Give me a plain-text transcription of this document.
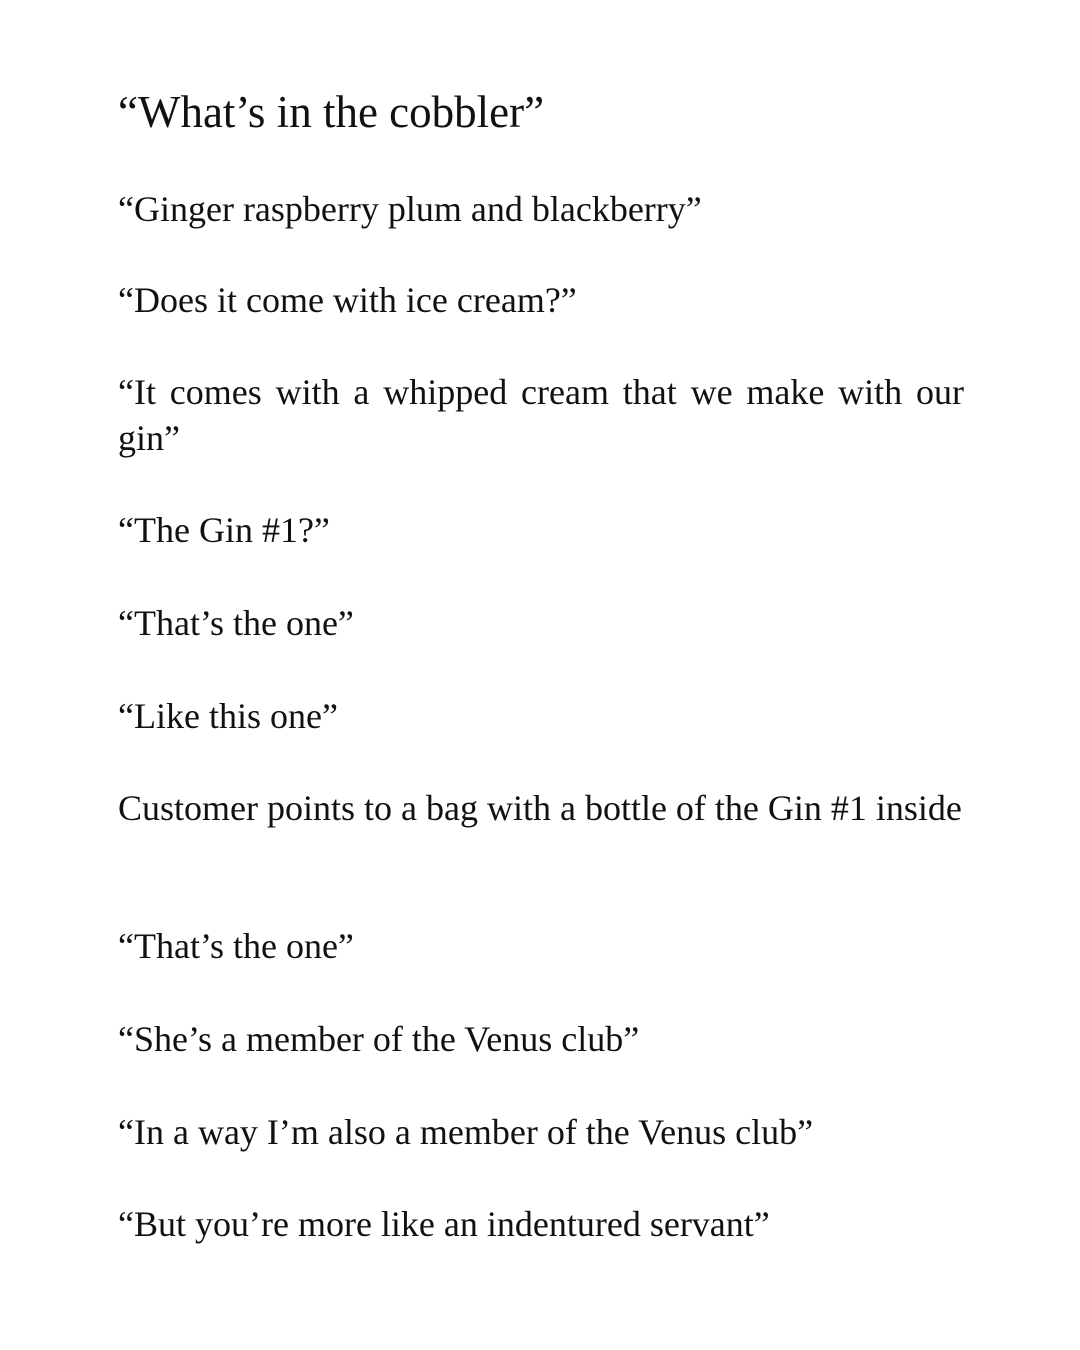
“What’s in the cobbler”

“Ginger raspberry plum and blackberry”

“Does it come with ice cream?”

“It comes with a whipped cream that we make with our gin”

“The Gin #1?”

“That’s the one”

“Like this one”

Customer points to a bag with a bottle of the Gin #1 inside

“That’s the one”

“She’s a member of the Venus club”

“In a way I’m also a member of the Venus club”

“But you’re more like an indentured servant”
